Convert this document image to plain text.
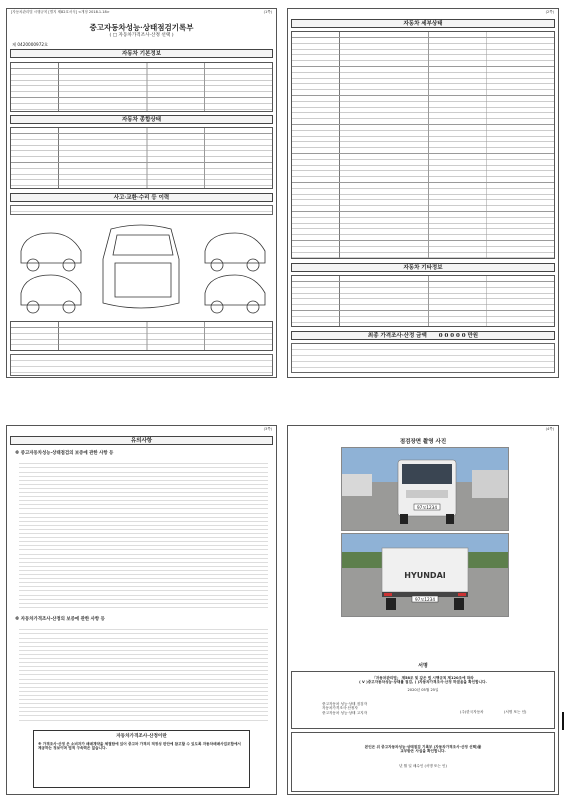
[자동차관리법 시행규칙 [별지 제82호서식] <개정 2018.1.18>	(1쪽)
중고자동차성능·상태점검기록부
( □ 자동차가격조사·산정 선택 )
제 0420000972호
자동차 기본정보
자동차 종합상태
사고·교환·수리 등 이력
(2쪽)
자동차 세부상태
자동차 기타정보
최종 가격조사·산정 금액 0 0 0 0 0 만원
(3쪽)
유의사항
※ 중고자동차성능·상태점검의 보증에 관한 사항 등
※ 자동차가격조사·산정의 보증에 관한 사항 등
자동차가격조사·산정이란
※ 가격조사·산정 은 소비자가 매매계약을 체결함에 있어 중고차 가격의 적정성 판단에 참고할 수 있도록 자동차매매사업조합에서 제공하는 정보이며 법적 구속력은 없습니다.
(4쪽)
점검장면 촬영 사진
97모1234
HYUNDAI
97모1234
서명
「자동차관리법」 제58조 및 같은 법 시행규칙 제120조에 따라
( V )중고자동차성능·상태를 점검, ( )자동차가격조사·산정 하였음을 확인합니다.
2020년 05월 25일
중고자동차 성능·상태 점검자
자동차가격조사·산정자
중고자동차 성능·상태 고지자	(주)한국자동차	(서명 또는 인)
본인은 위 중고자동차성능·상태점검 기록부 (자동차가격조사·산정 선택)를
교부받은 사실을 확인합니다.
년 월 일 매수인 (서명 또는 인)
